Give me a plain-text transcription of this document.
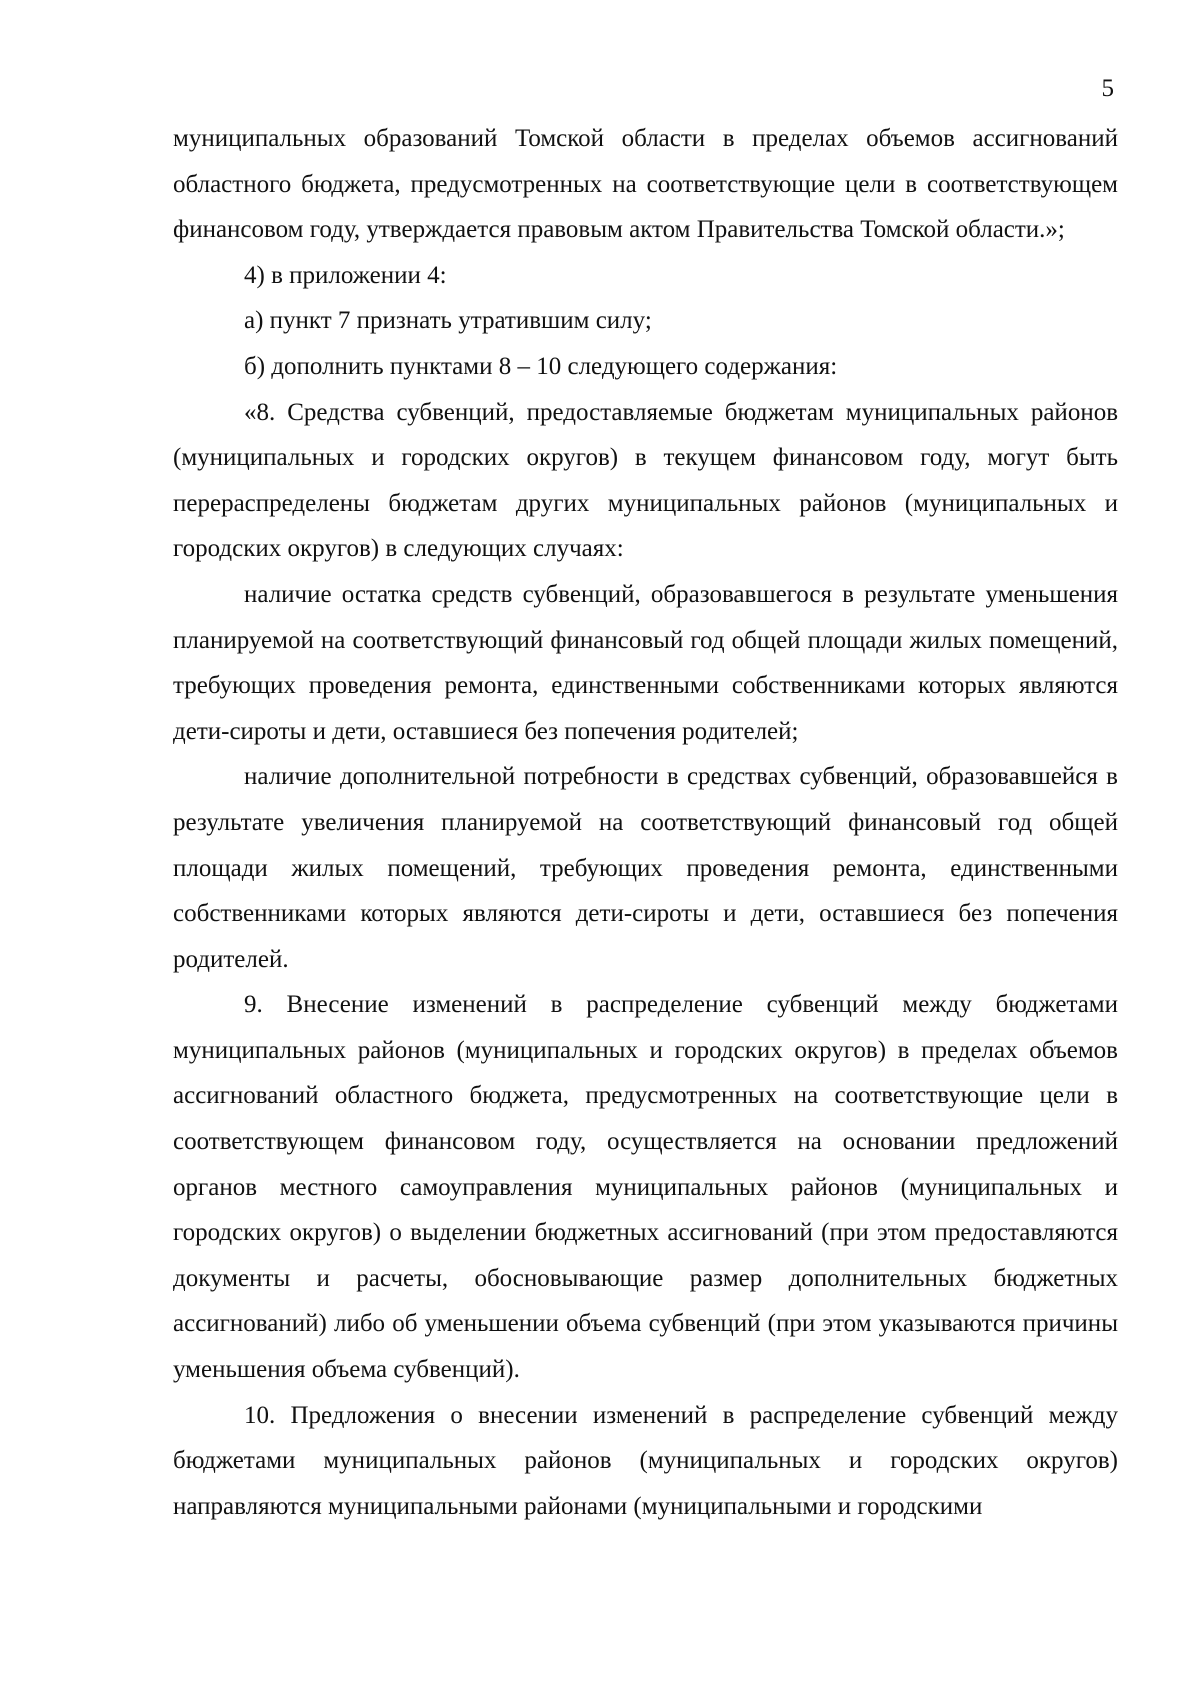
5

муниципальных образований Томской области в пределах объемов ассигнований областного бюджета, предусмотренных на соответствующие цели в соответствующем финансовом году, утверждается правовым актом Правительства Томской области.»;

4) в приложении 4:

а) пункт 7 признать утратившим силу;

б) дополнить пунктами 8 – 10 следующего содержания:

«8. Средства субвенций, предоставляемые бюджетам муниципальных районов (муниципальных и городских округов) в текущем финансовом году, могут быть перераспределены бюджетам других муниципальных районов (муниципальных и городских округов) в следующих случаях:

наличие остатка средств субвенций, образовавшегося в результате уменьшения планируемой на соответствующий финансовый год общей площади жилых помещений, требующих проведения ремонта, единственными собственниками которых являются дети-сироты и дети, оставшиеся без попечения родителей;

наличие дополнительной потребности в средствах субвенций, образовавшейся в результате увеличения планируемой на соответствующий финансовый год общей площади жилых помещений, требующих проведения ремонта, единственными собственниками которых являются дети-сироты и дети, оставшиеся без попечения родителей.

9. Внесение изменений в распределение субвенций между бюджетами муниципальных районов (муниципальных и городских округов) в пределах объемов ассигнований областного бюджета, предусмотренных на соответствующие цели в соответствующем финансовом году, осуществляется на основании предложений органов местного самоуправления муниципальных районов (муниципальных и городских округов) о выделении бюджетных ассигнований (при этом предоставляются документы и расчеты, обосновывающие размер дополнительных бюджетных ассигнований) либо об уменьшении объема субвенций (при этом указываются причины уменьшения объема субвенций).

10. Предложения о внесении изменений в распределение субвенций между бюджетами муниципальных районов (муниципальных и городских округов) направляются муниципальными районами (муниципальными и городскими
